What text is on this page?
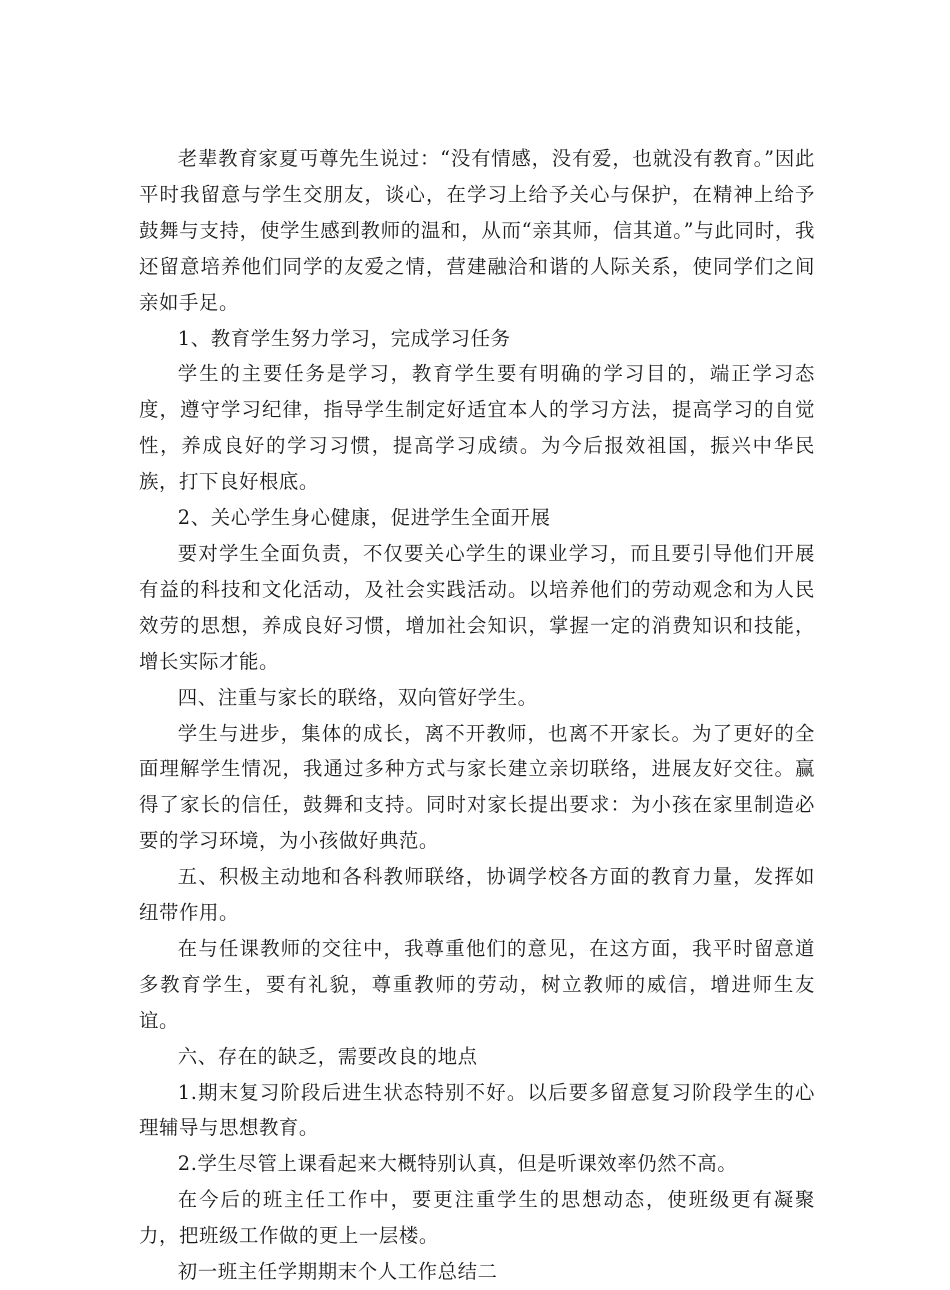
老辈教育家夏丏尊先生说过：“没有情感，没有爱，也就没有教育。”因此平时我留意与学生交朋友，谈心，在学习上给予关心与保护，在精神上给予鼓舞与支持，使学生感到教师的温和，从而“亲其师，信其道。”与此同时，我还留意培养他们同学的友爱之情，营建融洽和谐的人际关系，使同学们之间亲如手足。

1、教育学生努力学习，完成学习任务

学生的主要任务是学习，教育学生要有明确的学习目的，端正学习态度，遵守学习纪律，指导学生制定好适宜本人的学习方法，提高学习的自觉性，养成良好的学习习惯，提高学习成绩。为今后报效祖国，振兴中华民族，打下良好根底。

2、关心学生身心健康，促进学生全面开展

要对学生全面负责，不仅要关心学生的课业学习，而且要引导他们开展有益的科技和文化活动，及社会实践活动。以培养他们的劳动观念和为人民效劳的思想，养成良好习惯，增加社会知识，掌握一定的消费知识和技能，增长实际才能。

四、注重与家长的联络，双向管好学生。

学生与进步，集体的成长，离不开教师，也离不开家长。为了更好的全面理解学生情况，我通过多种方式与家长建立亲切联络，进展友好交往。赢得了家长的信任，鼓舞和支持。同时对家长提出要求：为小孩在家里制造必要的学习环境，为小孩做好典范。

五、积极主动地和各科教师联络，协调学校各方面的教育力量，发挥如纽带作用。

在与任课教师的交往中，我尊重他们的意见，在这方面，我平时留意道多教育学生，要有礼貌，尊重教师的劳动，树立教师的威信，增进师生友谊。

六、存在的缺乏，需要改良的地点

1.期末复习阶段后进生状态特别不好。以后要多留意复习阶段学生的心理辅导与思想教育。

2.学生尽管上课看起来大概特别认真，但是听课效率仍然不高。

在今后的班主任工作中，要更注重学生的思想动态，使班级更有凝聚力，把班级工作做的更上一层楼。

初一班主任学期期末个人工作总结二
